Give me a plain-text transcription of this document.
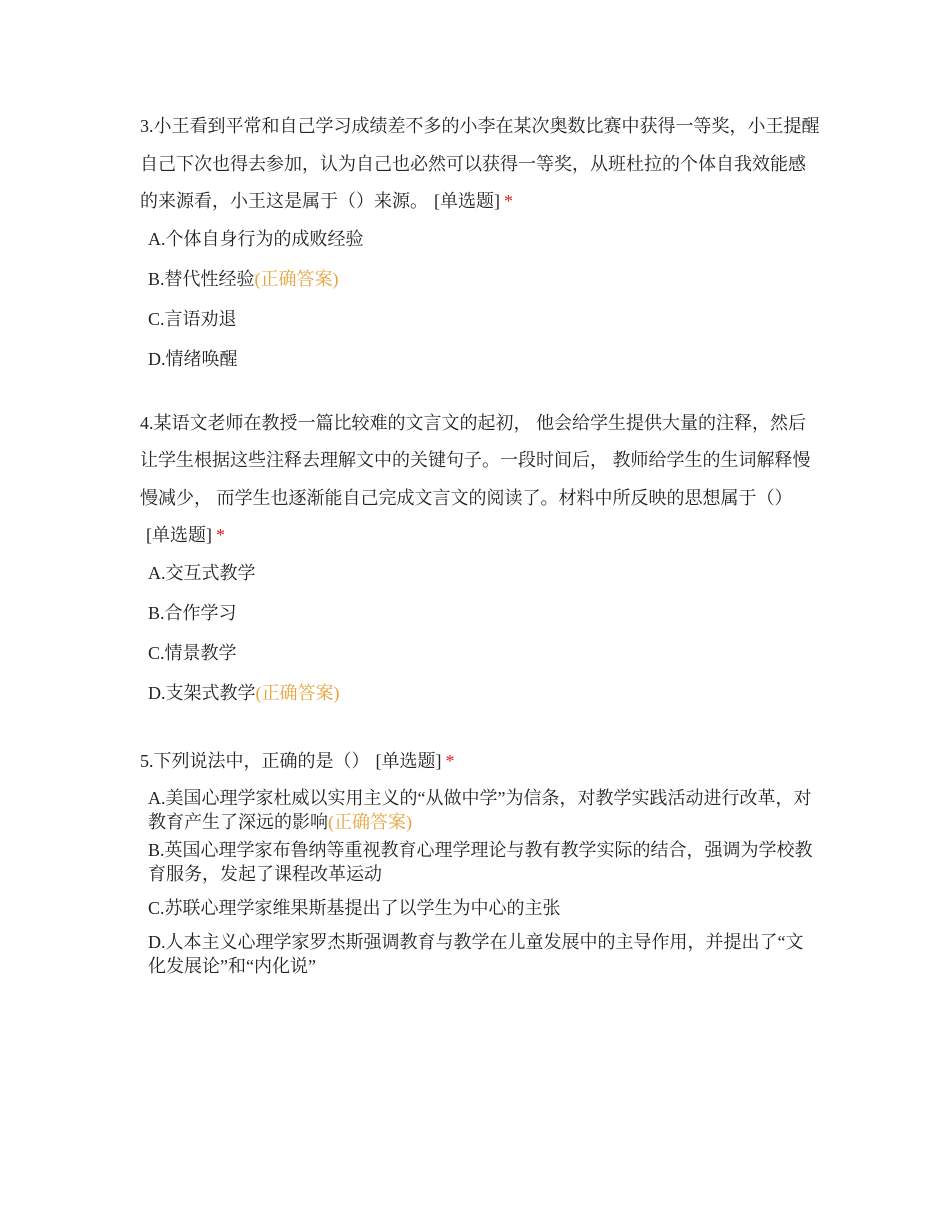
3.小王看到平常和自己学习成绩差不多的小李在某次奥数比赛中获得一等奖，小王提醒自己下次也得去参加，认为自己也必然可以获得一等奖，从班杜拉的个体自我效能感的来源看，小王这是属于（）来源。 [单选题] *

A.个体自身行为的成败经验
B.替代性经验(正确答案)
C.言语劝退
D.情绪唤醒

4.某语文老师在教授一篇比较难的文言文的起初， 他会给学生提供大量的注释，然后让学生根据这些注释去理解文中的关键句子。一段时间后， 教师给学生的生词解释慢慢减少， 而学生也逐渐能自己完成文言文的阅读了。材料中所反映的思想属于（）[单选题] *

A.交互式教学
B.合作学习
C.情景教学
D.支架式教学(正确答案)

5.下列说法中，正确的是（） [单选题] *

A.美国心理学家杜威以实用主义的“从做中学”为信条，对教学实践活动进行改革，对教育产生了深远的影响(正确答案)
B.英国心理学家布鲁纳等重视教育心理学理论与教有教学实际的结合，强调为学校教育服务，发起了课程改革运动
C.苏联心理学家维果斯基提出了以学生为中心的主张
D.人本主义心理学家罗杰斯强调教育与教学在儿童发展中的主导作用，并提出了“文化发展论”和“内化说”
